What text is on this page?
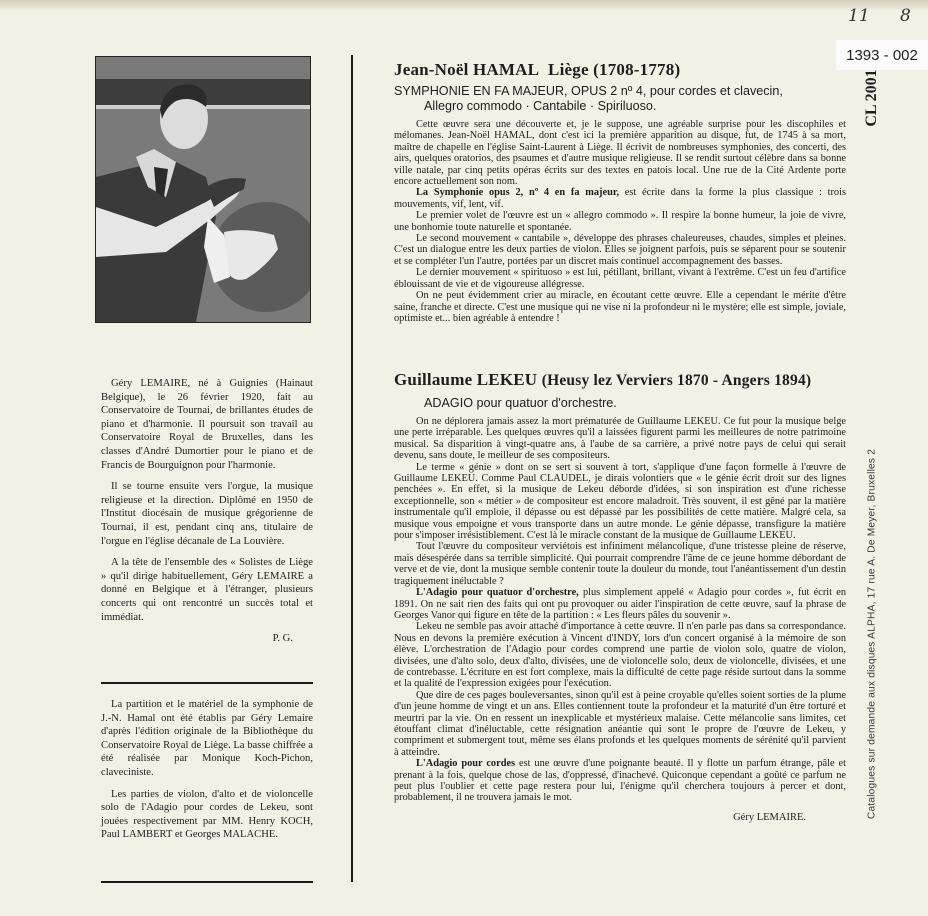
11 8
1393 - 002
CL 2001
Catalogues sur demande aux disques ALPHA, 17 rue A. De Meyer, Bruxelles 2

Géry LEMAIRE, né à Guignies (Hainaut Belgique), le 26 février 1920, fait au Conservatoire de Tournai, de brillantes études de piano et d'harmonie. Il poursuit son travail au Conservatoire Royal de Bruxelles, dans les classes d'André Dumortier pour le piano et de Francis de Bourguignon pour l'harmonie.

Il se tourne ensuite vers l'orgue, la musique religieuse et la direction. Diplômé en 1950 de l'Institut diocésain de musique grégorienne de Tournai, il est, pendant cinq ans, titulaire de l'orgue en l'église décanale de La Louvière.

A la tête de l'ensemble des « Solistes de Liège » qu'il dirige habituellement, Géry LEMAIRE a donné en Belgique et à l'étranger, plusieurs concerts qui ont rencontré un succès total et immédiat.

P. G.

La partition et le matériel de la symphonie de J.-N. Hamal ont été établis par Géry Lemaire d'après l'édition originale de la Bibliothèque du Conservatoire Royal de Liège. La basse chiffrée a été réalisée par Monique Koch-Pichon, claveciniste.

Les parties de violon, d'alto et de violoncelle solo de l'Adagio pour cordes de Lekeu, sont jouées respectivement par MM. Henry KOCH, Paul LAMBERT et Georges MALACHE.

Jean-Noël HAMAL Liège (1708-1778)
SYMPHONIE EN FA MAJEUR, OPUS 2 nº 4, pour cordes et clavecin,
Allegro commodo · Cantabile · Spiriluoso.

Cette œuvre sera une découverte et, je le suppose, une agréable surprise pour les discophiles et mélomanes. Jean-Noël HAMAL, dont c'est ici la première apparition au disque, fut, de 1745 à sa mort, maître de chapelle en l'église Saint-Laurent à Liège. Il écrivit de nombreuses symphonies, des concerti, des airs, quelques oratorios, des psaumes et d'autre musique religieuse. Il se rendit surtout célèbre dans sa bonne ville natale, par cinq petits opéras écrits sur des textes en patois local. Une rue de la Cité Ardente porte encore actuellement son nom.

La Symphonie opus 2, nº 4 en fa majeur, est écrite dans la forme la plus classique : trois mouvements, vif, lent, vif.

Le premier volet de l'œuvre est un « allegro commodo ». Il respire la bonne humeur, la joie de vivre, une bonhomie toute naturelle et spontanée.

Le second mouvement « cantabile », développe des phrases chaleureuses, chaudes, simples et pleines. C'est un dialogue entre les deux parties de violon. Elles se joignent parfois, puis se séparent pour se soutenir et se compléter l'un l'autre, portées par un discret mais continuel accompagnement des basses.

Le dernier mouvement « spirituoso » est lui, pétillant, brillant, vivant à l'extrême. C'est un feu d'artifice éblouissant de vie et de vigoureuse allégresse.

On ne peut évidemment crier au miracle, en écoutant cette œuvre. Elle a cependant le mérite d'être saine, franche et directe. C'est une musique qui ne vise ni la profondeur ni le mystère; elle est simple, joviale, optimiste et... bien agréable à entendre !

Guillaume LEKEU (Heusy lez Verviers 1870 - Angers 1894)
ADAGIO pour quatuor d'orchestre.

On ne déplorera jamais assez la mort prématurée de Guillaume LEKEU. Ce fut pour la musique belge une perte irréparable. Les quelques œuvres qu'il a laissées figurent parmi les meilleures de notre patrimoine musical. Sa disparition à vingt-quatre ans, à l'aube de sa carrière, a privé notre pays de celui qui serait devenu, sans doute, le meilleur de ses compositeurs.

Le terme « génie » dont on se sert si souvent à tort, s'applique d'une façon formelle à l'œuvre de Guillaume LEKEU. Comme Paul CLAUDEL, je dirais volontiers que « le génie écrit droit sur des lignes penchées ». En effet, si la musique de Lekeu déborde d'idées, si son inspiration est d'une richesse exceptionnelle, son « métier » de compositeur est encore maladroit. Très souvent, il est gêné par la matière instrumentale qu'il emploie, il dépasse ou est dépassé par les possibilités de cette matière. Malgré cela, sa musique vous empoigne et vous transporte dans un autre monde. Le génie dépasse, transfigure la matière pour s'imposer irrésistiblement. C'est là le miracle constant de la musique de Guillaume LEKEU.

Tout l'œuvre du compositeur verviétois est infiniment mélancolique, d'une tristesse pleine de réserve, mais désespérée dans sa terrible simplicité. Qui pourrait comprendre l'âme de ce jeune homme débordant de verve et de vie, dont la musique semble contenir toute la douleur du monde, tout l'anéantissement d'un destin tragiquement inéluctable ?

L'Adagio pour quatuor d'orchestre, plus simplement appelé « Adagio pour cordes », fut écrit en 1891. On ne sait rien des faits qui ont pu provoquer ou aider l'inspiration de cette œuvre, sauf la phrase de Georges Vanor qui figure en tête de la partition : « Les fleurs pâles du souvenir ».

Lekeu ne semble pas avoir attaché d'importance à cette œuvre. Il n'en parle pas dans sa correspondance. Nous en devons la première exécution à Vincent d'INDY, lors d'un concert organisé à la mémoire de son élève. L'orchestration de l'Adagio pour cordes comprend une partie de violon solo, quatre de violon, divisées, une d'alto solo, deux d'alto, divisées, une de violoncelle solo, deux de violoncelle, divisées, et une de contrebasse. L'écriture en est fort complexe, mais la difficulté de cette page réside surtout dans la somme et la qualité de l'expression exigées pour l'exécution.

Que dire de ces pages bouleversantes, sinon qu'il est à peine croyable qu'elles soient sorties de la plume d'un jeune homme de vingt et un ans. Elles contiennent toute la profondeur et la maturité d'un être torturé et meurtri par la vie. On en ressent un inexplicable et mystérieux malaise. Cette mélancolie sans limites, cet étouffant climat d'inéluctable, cette résignation anéantie qui sont le propre de l'œuvre de Lekeu, y compriment et submergent tout, même ses élans profonds et les quelques moments de sérénité qu'il parvient à atteindre.

L'Adagio pour cordes est une œuvre d'une poignante beauté. Il y flotte un parfum étrange, pâle et prenant à la fois, quelque chose de las, d'oppressé, d'inachevé. Quiconque cependant a goûté ce parfum ne peut plus l'oublier et cette page restera pour lui, l'énigme qu'il cherchera toujours à percer et dont, probablement, il ne trouvera jamais le mot.

Géry LEMAIRE.
